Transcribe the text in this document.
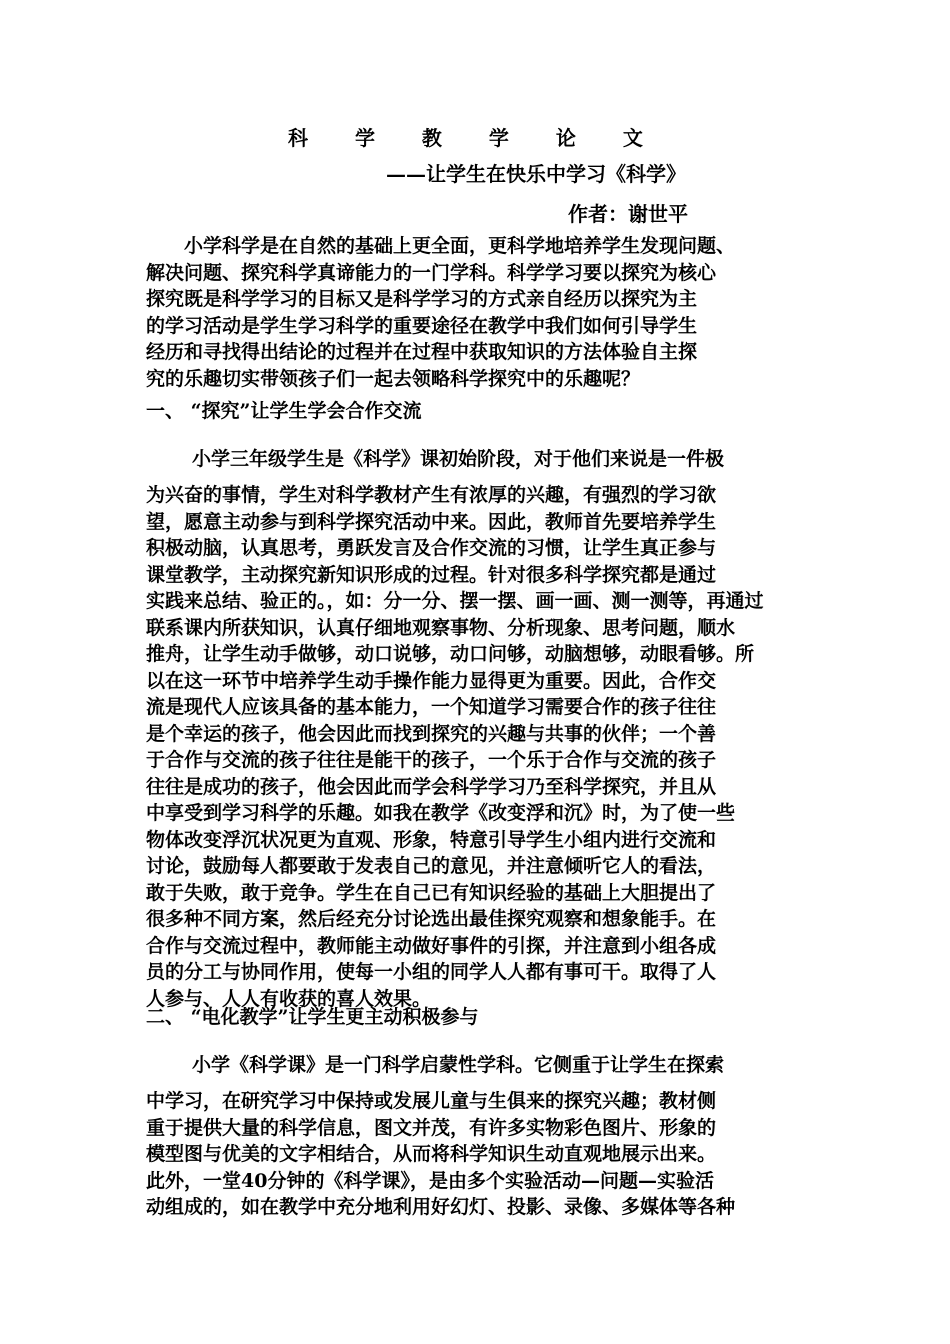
科 学 教 学 论 文
——让学生在快乐中学习《科学》
作者：谢世平
小学科学是在自然的基础上更全面，更科学地培养学生发现问题、
解决问题、探究科学真谛能力的一门学科。科学学习要以探究为核心
探究既是科学学习的目标又是科学学习的方式亲自经历以探究为主
的学习活动是学生学习科学的重要途径在教学中我们如何引导学生
经历和寻找得出结论的过程并在过程中获取知识的方法体验自主探
究的乐趣切实带领孩子们一起去领略科学探究中的乐趣呢？
一、 “探究”让学生学会合作交流
小学三年级学生是《科学》课初始阶段，对于他们来说是一件极
为兴奋的事情，学生对科学教材产生有浓厚的兴趣，有强烈的学习欲
望，愿意主动参与到科学探究活动中来。因此，教师首先要培养学生
积极动脑，认真思考，勇跃发言及合作交流的习惯，让学生真正参与
课堂教学，主动探究新知识形成的过程。针对很多科学探究都是通过
实践来总结、验正的。，如：分一分、摆一摆、画一画、测一测等，再通过
联系课内所获知识，认真仔细地观察事物、分析现象、思考问题，顺水
推舟，让学生动手做够，动口说够，动口问够，动脑想够，动眼看够。所
以在这一环节中培养学生动手操作能力显得更为重要。因此，合作交
流是现代人应该具备的基本能力，一个知道学习需要合作的孩子往往
是个幸运的孩子，他会因此而找到探究的兴趣与共事的伙伴；一个善
于合作与交流的孩子往往是能干的孩子，一个乐于合作与交流的孩子
往往是成功的孩子，他会因此而学会科学学习乃至科学探究，并且从
中享受到学习科学的乐趣。如我在教学《改变浮和沉》时，为了使一些
物体改变浮沉状况更为直观、形象，特意引导学生小组内进行交流和
讨论，鼓励每人都要敢于发表自己的意见，并注意倾听它人的看法，
敢于失败，敢于竞争。学生在自己已有知识经验的基础上大胆提出了
很多种不同方案，然后经充分讨论选出最佳探究观察和想象能手。在
合作与交流过程中，教师能主动做好事件的引探，并注意到小组各成
员的分工与协同作用，使每一小组的同学人人都有事可干。取得了人
人参与、人人有收获的喜人效果。
二、 “电化教学”让学生更主动积极参与
小学《科学课》是一门科学启蒙性学科。它侧重于让学生在探索
中学习，在研究学习中保持或发展儿童与生俱来的探究兴趣；教材侧
重于提供大量的科学信息，图文并茂，有许多实物彩色图片、形象的
模型图与优美的文字相结合，从而将科学知识生动直观地展示出来。
此外，一堂40分钟的《科学课》，是由多个实验活动—问题—实验活
动组成的，如在教学中充分地利用好幻灯、投影、录像、多媒体等各种
